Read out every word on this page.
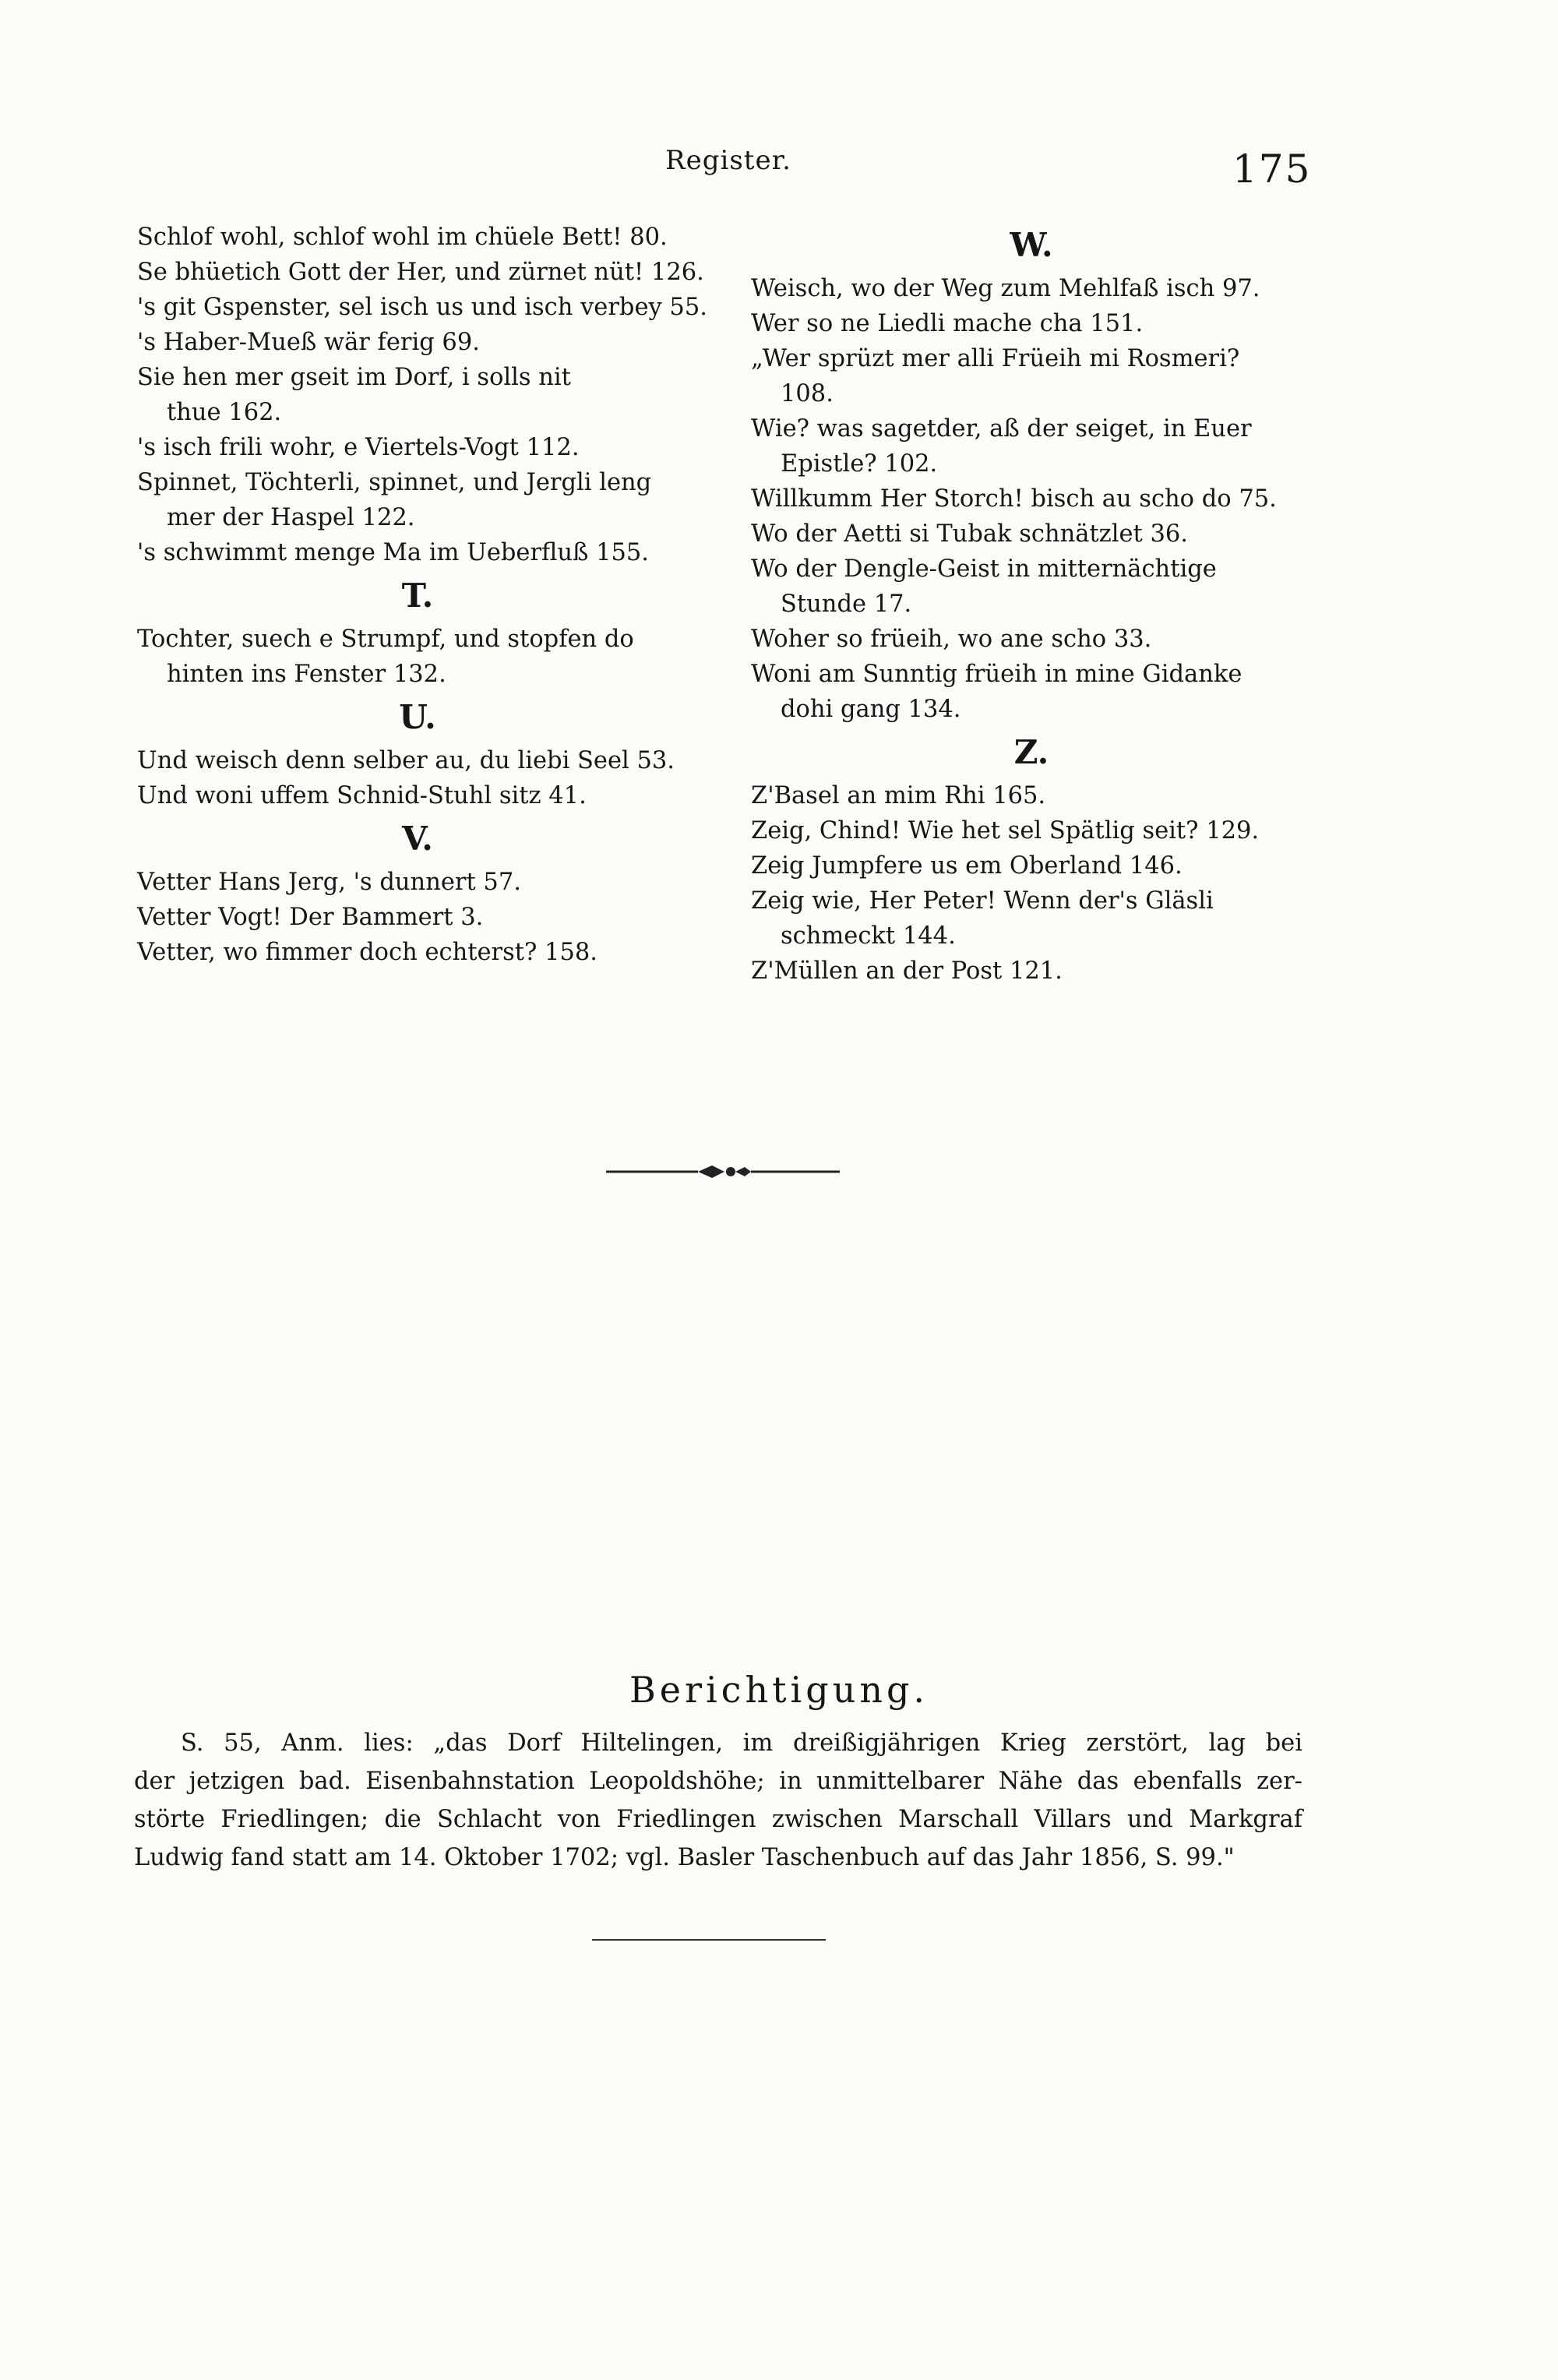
Register.	175

Schlof wohl, schlof wohl im chüele Bett! 80.

Se bhüetich Gott der Her, und zürnet nüt! 126.

's git Gspenster, sel isch us und isch verbey 55.

's Haber-Mueß wär ferig 69.

Sie hen mer gseit im Dorf, i solls nit
thue 162.

's isch frili wohr, e Viertels-Vogt 112.

Spinnet, Töchterli, spinnet, und Jergli leng
mer der Haspel 122.

's schwimmt menge Ma im Ueberfluß 155.

T.

Tochter, suech e Strumpf, und stopfen do
hinten ins Fenster 132.

U.

Und weisch denn selber au, du liebi Seel 53.

Und woni uffem Schnid-Stuhl sitz 41.

V.

Vetter Hans Jerg, 's dunnert 57.

Vetter Vogt! Der Bammert 3.

Vetter, wo fimmer doch echterst? 158.

W.

Weisch, wo der Weg zum Mehlfaß isch 97.

Wer so ne Liedli mache cha 151.

„Wer sprüzt mer alli Früeih mi Rosmeri?
108.

Wie? was sagetder, aß der seiget, in Euer
Epistle? 102.

Willkumm Her Storch! bisch au scho do 75.

Wo der Aetti si Tubak schnätzlet 36.

Wo der Dengle-Geist in mitternächtige
Stunde 17.

Woher so früeih, wo ane scho 33.

Woni am Sunntig früeih in mine Gidanke
dohi gang 134.

Z.

Z'Basel an mim Rhi 165.

Zeig, Chind! Wie het sel Spätlig seit? 129.

Zeig Jumpfere us em Oberland 146.

Zeig wie, Her Peter! Wenn der's Gläsli
schmeckt 144.

Z'Müllen an der Post 121.

Berichtigung.

S. 55, Anm. lies: „das Dorf Hiltelingen, im dreißigjährigen Krieg zerstört, lag bei
der jetzigen bad. Eisenbahnstation Leopoldshöhe; in unmittelbarer Nähe das ebenfalls zer-
störte Friedlingen; die Schlacht von Friedlingen zwischen Marschall Villars und Markgraf
Ludwig fand statt am 14. Oktober 1702; vgl. Basler Taschenbuch auf das Jahr 1856, S. 99."
